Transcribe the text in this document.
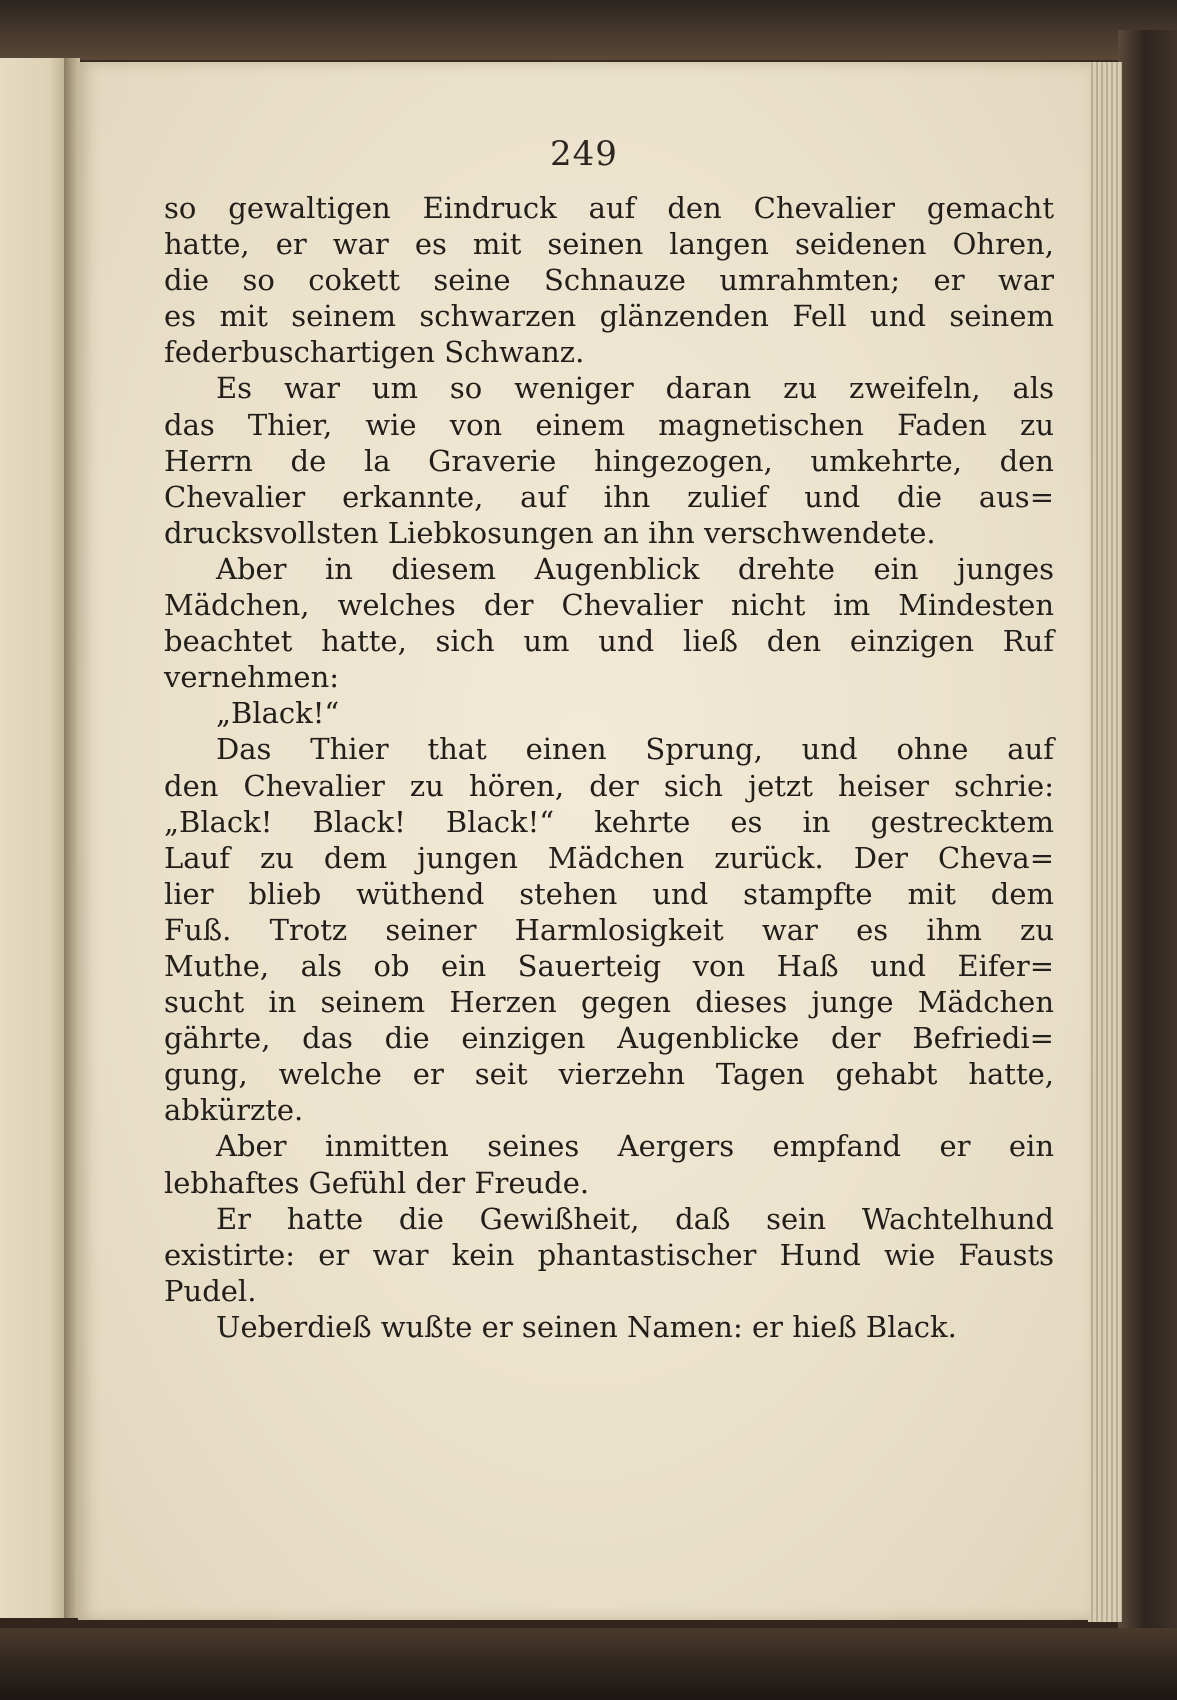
249
so gewaltigen Eindruck auf den Chevalier gemacht
hatte, er war es mit seinen langen seidenen Ohren,
die so cokett seine Schnauze umrahmten; er war
es mit seinem schwarzen glänzenden Fell und seinem
federbuschartigen Schwanz.
Es war um so weniger daran zu zweifeln, als
das Thier, wie von einem magnetischen Faden zu
Herrn de la Graverie hingezogen, umkehrte, den
Chevalier erkannte, auf ihn zulief und die aus=
drucksvollsten Liebkosungen an ihn verschwendete.
Aber in diesem Augenblick drehte ein junges
Mädchen, welches der Chevalier nicht im Mindesten
beachtet hatte, sich um und ließ den einzigen Ruf
vernehmen:
„Black!“
Das Thier that einen Sprung, und ohne auf
den Chevalier zu hören, der sich jetzt heiser schrie:
„Black! Black! Black!“ kehrte es in gestrecktem
Lauf zu dem jungen Mädchen zurück. Der Cheva=
lier blieb wüthend stehen und stampfte mit dem
Fuß. Trotz seiner Harmlosigkeit war es ihm zu
Muthe, als ob ein Sauerteig von Haß und Eifer=
sucht in seinem Herzen gegen dieses junge Mädchen
gährte, das die einzigen Augenblicke der Befriedi=
gung, welche er seit vierzehn Tagen gehabt hatte,
abkürzte.
Aber inmitten seines Aergers empfand er ein
lebhaftes Gefühl der Freude.
Er hatte die Gewißheit, daß sein Wachtelhund
existirte: er war kein phantastischer Hund wie Fausts
Pudel.
Ueberdieß wußte er seinen Namen: er hieß Black.
